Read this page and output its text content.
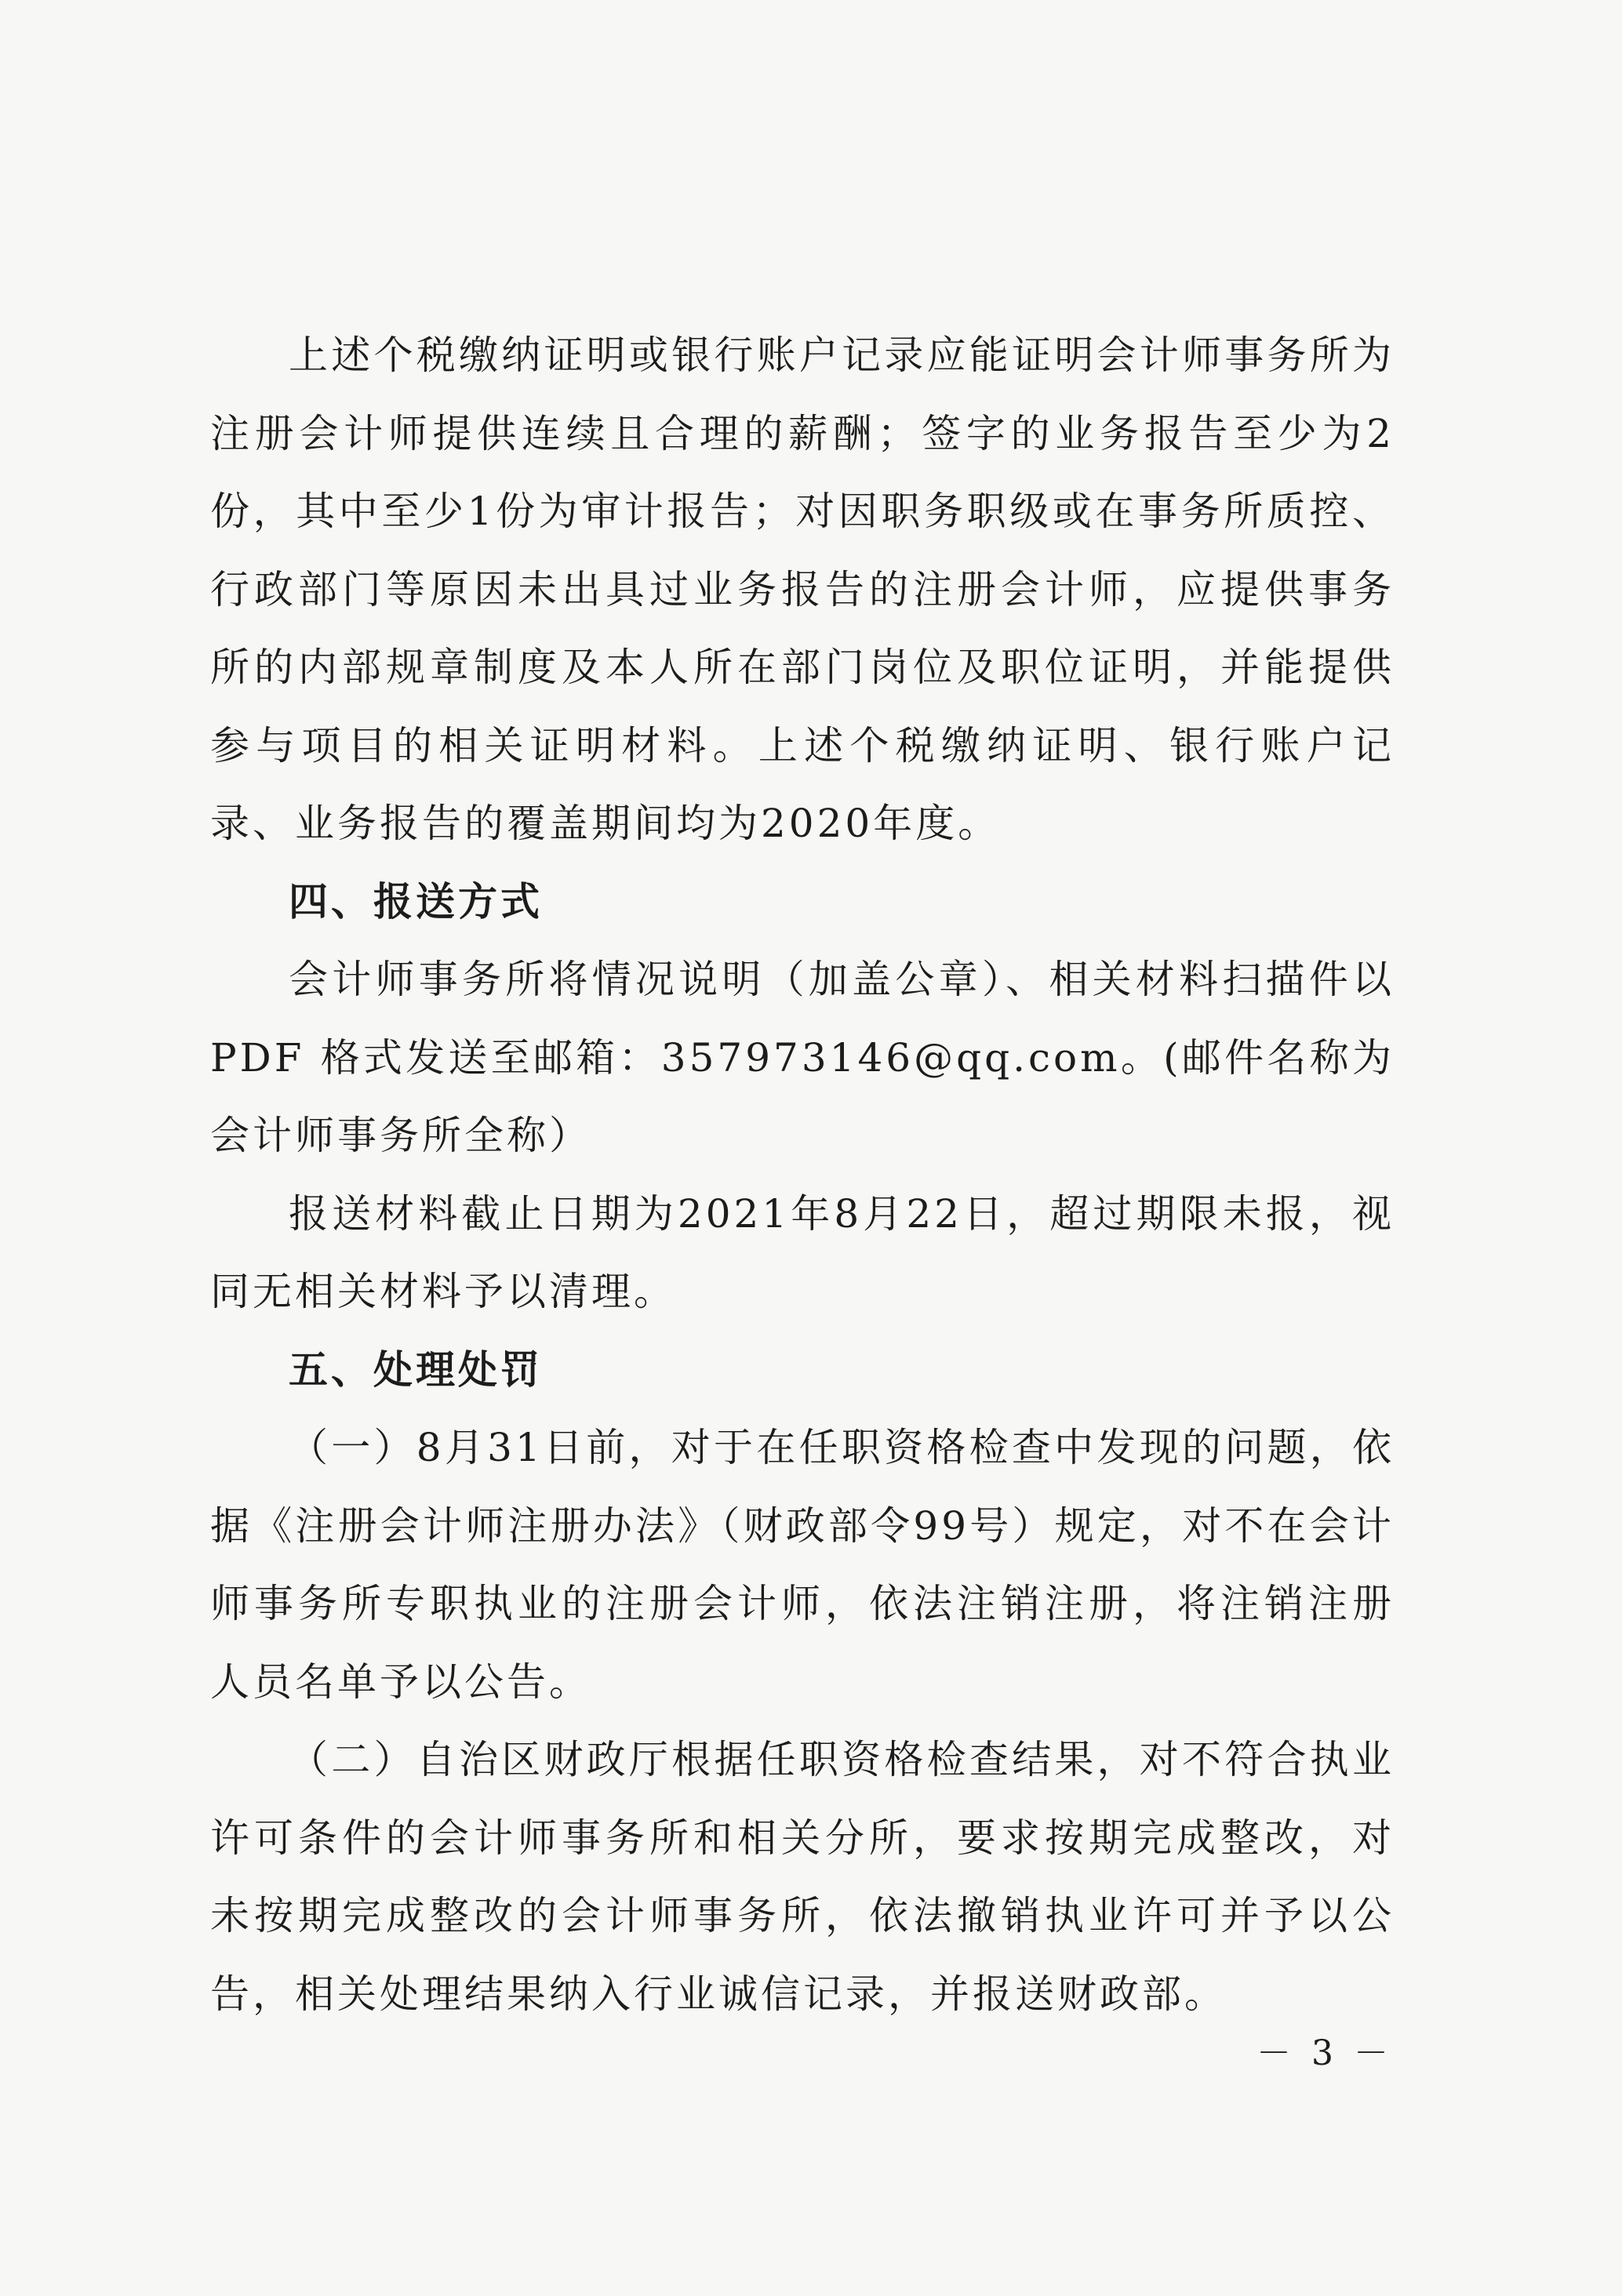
上述个税缴纳证明或银行账户记录应能证明会计师事务所为注册会计师提供连续且合理的薪酬；签字的业务报告至少为2份，其中至少1份为审计报告；对因职务职级或在事务所质控、行政部门等原因未出具过业务报告的注册会计师，应提供事务所的内部规章制度及本人所在部门岗位及职位证明，并能提供参与项目的相关证明材料。上述个税缴纳证明、银行账户记录、业务报告的覆盖期间均为2020年度。

四、报送方式

会计师事务所将情况说明（加盖公章）、相关材料扫描件以PDF 格式发送至邮箱：357973146@qq.com。(邮件名称为会计师事务所全称）

报送材料截止日期为2021年8月22日，超过期限未报，视同无相关材料予以清理。

五、处理处罚

（一）8月31日前，对于在任职资格检查中发现的问题，依据《注册会计师注册办法》（财政部令99号）规定，对不在会计师事务所专职执业的注册会计师，依法注销注册，将注销注册人员名单予以公告。

（二）自治区财政厅根据任职资格检查结果，对不符合执业许可条件的会计师事务所和相关分所，要求按期完成整改，对未按期完成整改的会计师事务所，依法撤销执业许可并予以公告，相关处理结果纳入行业诚信记录，并报送财政部。

－ 3 －
